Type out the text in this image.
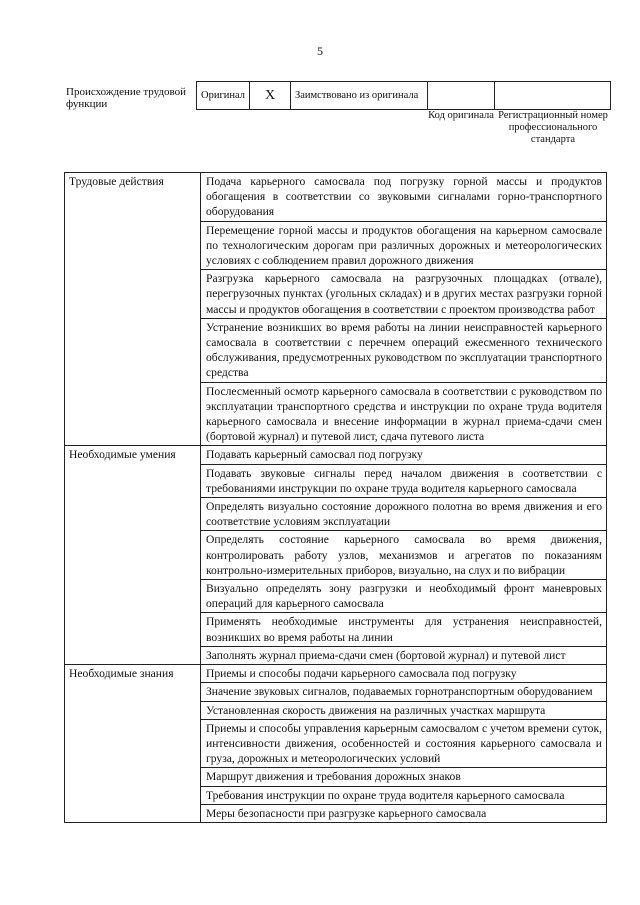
5
Происхождение трудовой функции
Оригинал	X	Заимствовано из оригинала		
Код оригинала Регистрационный номер профессионального стандарта
Трудовые действия	Подача карьерного самосвала под погрузку горной массы и продуктов обогащения в соответствии со звуковыми сигналами горно-транспортного оборудования
	Перемещение горной массы и продуктов обогащения на карьерном самосвале по технологическим дорогам при различных дорожных и метеорологических условиях с соблюдением правил дорожного движения
	Разгрузка карьерного самосвала на разгрузочных площадках (отвале), перегрузочных пунктах (угольных складах) и в других местах разгрузки горной массы и продуктов обогащения в соответствии с проектом производства работ
	Устранение возникших во время работы на линии неисправностей карьерного самосвала в соответствии с перечнем операций ежесменного технического обслуживания, предусмотренных руководством по эксплуатации транспортного средства
	Послесменный осмотр карьерного самосвала в соответствии с руководством по эксплуатации транспортного средства и инструкции по охране труда водителя карьерного самосвала и внесение информации в журнал приема-сдачи смен (бортовой журнал) и путевой лист, сдача путевого листа
Необходимые умения	Подавать карьерный самосвал под погрузку
	Подавать звуковые сигналы перед началом движения в соответствии с требованиями инструкции по охране труда водителя карьерного самосвала
	Определять визуально состояние дорожного полотна во время движения и его соответствие условиям эксплуатации
	Определять состояние карьерного самосвала во время движения, контролировать работу узлов, механизмов и агрегатов по показаниям контрольно-измерительных приборов, визуально, на слух и по вибрации
	Визуально определять зону разгрузки и необходимый фронт маневровых операций для карьерного самосвала
	Применять необходимые инструменты для устранения неисправностей, возникших во время работы на линии
	Заполнять журнал приема-сдачи смен (бортовой журнал) и путевой лист
Необходимые знания	Приемы и способы подачи карьерного самосвала под погрузку
	Значение звуковых сигналов, подаваемых горнотранспортным оборудованием
	Установленная скорость движения на различных участках маршрута
	Приемы и способы управления карьерным самосвалом с учетом времени суток, интенсивности движения, особенностей и состояния карьерного самосвала и груза, дорожных и метеорологических условий
	Маршрут движения и требования дорожных знаков
	Требования инструкции по охране труда водителя карьерного самосвала
	Меры безопасности при разгрузке карьерного самосвала
